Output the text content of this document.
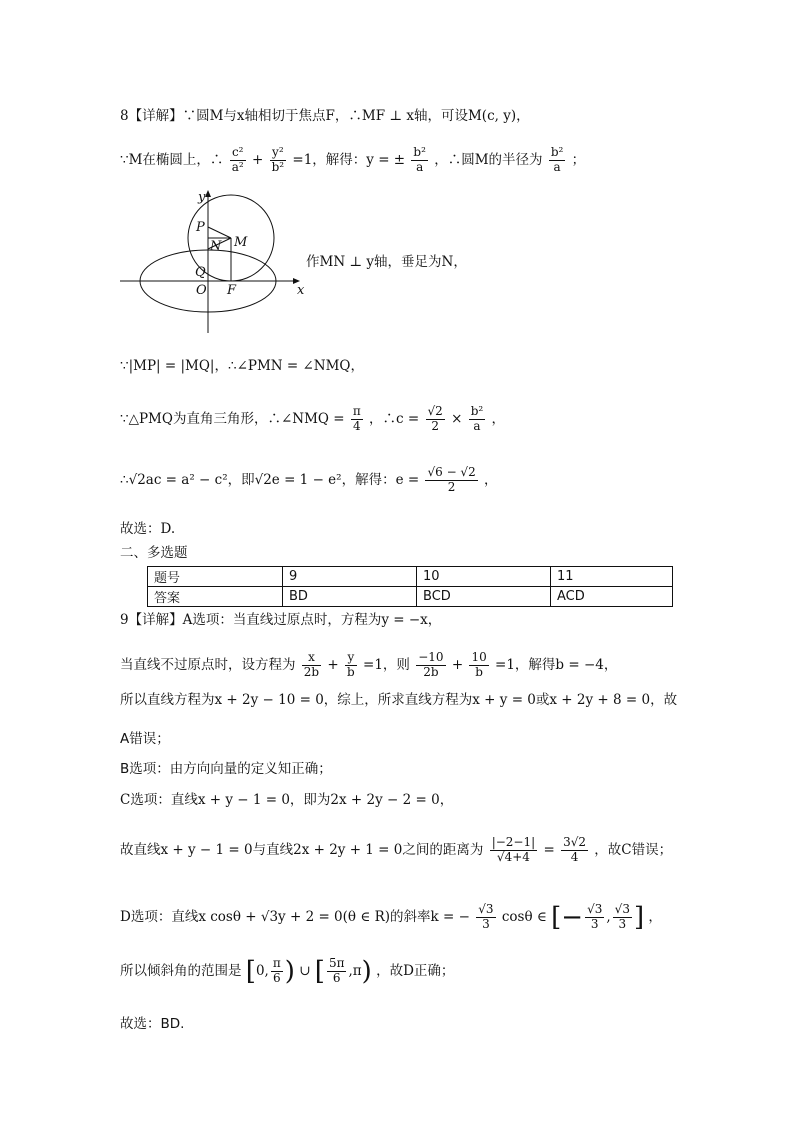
8【详解】∵圆M与x轴相切于焦点F，∴MF ⊥ x轴，可设M(c, y)，
∵M在椭圆上，∴ $\frac{\text{c²}}{\text{a²}} + \frac{\text{y²}}{\text{b²}} =1$，解得：y = ± $\frac{\text{b²}}{a}$ ，∴圆M的半径为 $\frac{\text{b²}}{a}$ ；
y
x
P
M
N
Q
O F
作MN ⊥ y轴，垂足为N，
∵|MP| = |MQ|，∴∠PMN = ∠NMQ，
∵△PMQ为直角三角形，∴∠NMQ = $\frac{\pi}{4}$ ，∴c = $\frac{√2}{2} \times \frac{\text{b²}}{a}$ ，
∴√2ac = a² − c²，即√2e = 1 − e²，解得：$e = \frac{√6 - √2}{2}$ ，
故选：D.
二、多选题
题号	9	10	11
答案	BD	BCD	ACD
9【详解】A选项：当直线过原点时，方程为y = −x，
当直线不过原点时，设方程为 $\frac{x}{2b} + \frac{y}{b} =1$，则 $\frac{-10}{2b} + \frac{10}{b} =1$，解得b = −4，
所以直线方程为x + 2y − 10 = 0，综上，所求直线方程为x + y = 0或x + 2y + 8 = 0，故
A错误；
B选项：由方向向量的定义知正确；
C选项：直线x + y − 1 = 0，即为2x + 2y − 2 = 0，
故直线x + y − 1 = 0与直线2x + 2y + 1 = 0之间的距离为 $\frac{|-2-1|}{√4+4} = \frac{3√2}{4}$ ，故C错误；
D选项：直线x cosθ + √3y + 2 = 0(θ ∈ R)的斜率k = − $\frac{√3}{3}$ cosθ ∈ [− $\frac{√3}{3}$ , $\frac{√3}{3}$ ] ，
所以倾斜角的范围是 [0, $\frac{\pi}{6}$ ) ∪ [ $\frac{5\pi}{6} ,\pi$) ，故D正确；
故选：BD.
